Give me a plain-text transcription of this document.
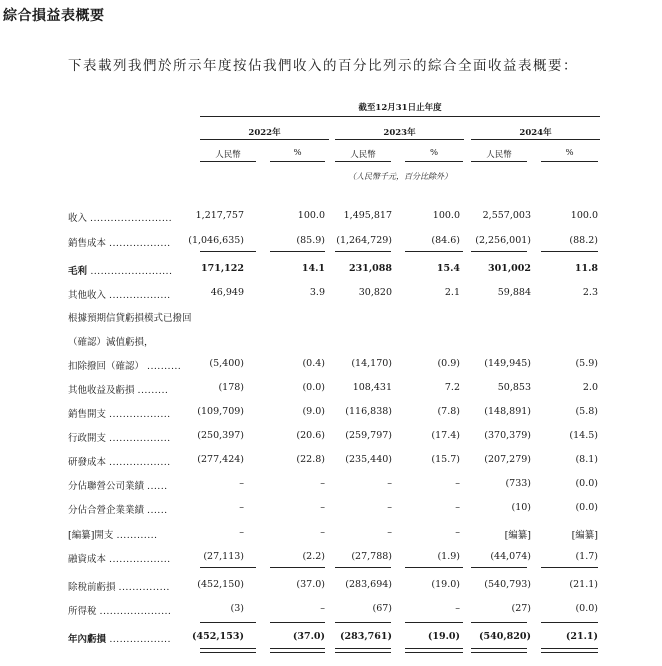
綜合損益表概要
下表載列我們於所示年度按佔我們收入的百分比列示的綜合全面收益表概要：
截至12月31日止年度
2022年	2023年	2024年
人民幣	%	人民幣	%	人民幣	%
（人民幣千元，百分比除外）
收入 ........................	1,217,757	100.0	1,495,817	100.0	2,557,003	100.0
銷售成本 ..................	(1,046,635)	(85.9)	(1,264,729)	(84.6)	(2,256,001)	(88.2)
毛利 ........................	171,122	14.1	231,088	15.4	301,002	11.8
其他收入 ..................	46,949	3.9	30,820	2.1	59,884	2.3
根據預期信貸虧損模式已撥回
（確認）減值虧損，
扣除撥回（確認） ..........	(5,400)	(0.4)	(14,170)	(0.9)	(149,945)	(5.9)
其他收益及虧損 .........	(178)	(0.0)	108,431	7.2	50,853	2.0
銷售開支 ..................	(109,709)	(9.0)	(116,838)	(7.8)	(148,891)	(5.8)
行政開支 ..................	(250,397)	(20.6)	(259,797)	(17.4)	(370,379)	(14.5)
研發成本 ..................	(277,424)	(22.8)	(235,440)	(15.7)	(207,279)	(8.1)
分佔聯營公司業績 ......	–	–	–	–	(733)	(0.0)
分佔合營企業業績 ......	–	–	–	–	(10)	(0.0)
[編纂]開支 ............	–	–	–	–	[編纂]	[編纂]
融資成本 ..................	(27,113)	(2.2)	(27,788)	(1.9)	(44,074)	(1.7)
除稅前虧損 ...............	(452,150)	(37.0)	(283,694)	(19.0)	(540,793)	(21.1)
所得稅 .....................	(3)	–	(67)	–	(27)	(0.0)
年內虧損 ..................	(452,153)	(37.0)	(283,761)	(19.0)	(540,820)	(21.1)
